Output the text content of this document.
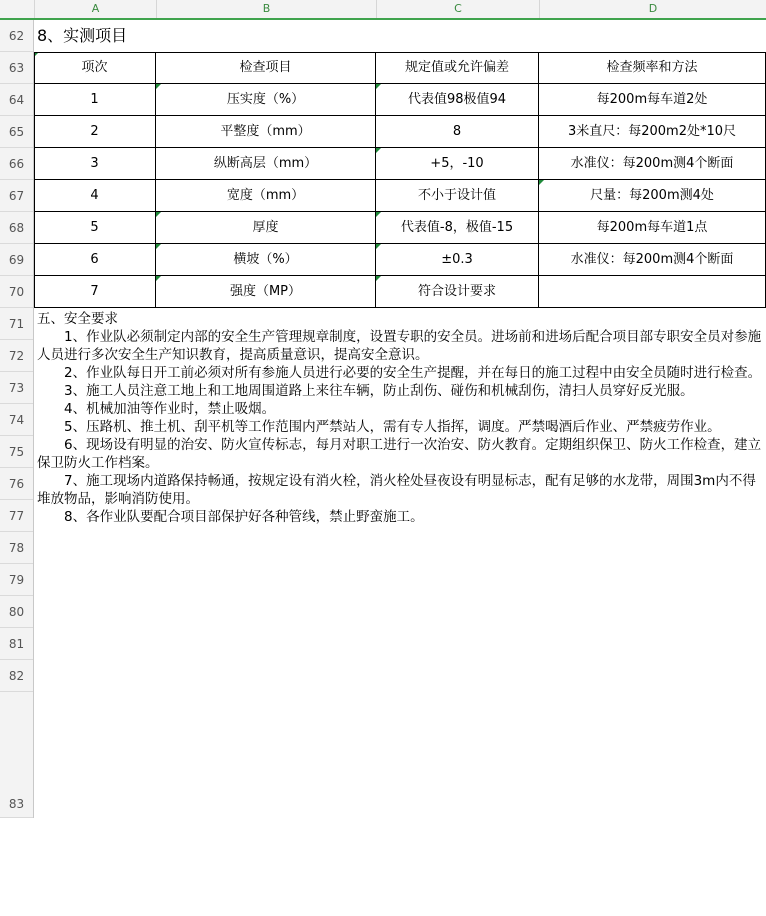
A	B	C	D
62
63
64
65
66
67
68
69
70
71
72
73
74
75
76
77
78
79
80
81
82
83
8、实测项目
项次	检查项目	规定值或允许偏差	检查频率和方法
1	压实度（%）	代表值98极值94	每200m每车道2处
2	平整度（mm）	8	3米直尺：每200m2处*10尺
3	纵断高层（mm）	+5，-10	水准仪：每200m测4个断面
4	宽度（mm）	不小于设计值	尺量：每200m测4处
5	厚度	代表值-8，极值-15	每200m每车道1点
6	横坡（%）	±0.3	水准仪：每200m测4个断面
7	强度（MP）	符合设计要求

五、安全要求

1、作业队必须制定内部的安全生产管理规章制度，设置专职的安全员。进场前和进场后配合项目部专职安全员对参施人员进行多次安全生产知识教育，提高质量意识，提高安全意识。

2、作业队每日开工前必须对所有参施人员进行必要的安全生产提醒，并在每日的施工过程中由安全员随时进行检查。

3、施工人员注意工地上和工地周围道路上来往车辆，防止刮伤、碰伤和机械刮伤，清扫人员穿好反光服。

4、机械加油等作业时，禁止吸烟。

5、压路机、推土机、刮平机等工作范围内严禁站人，需有专人指挥，调度。严禁喝酒后作业、严禁疲劳作业。

6、现场设有明显的治安、防火宣传标志，每月对职工进行一次治安、防火教育。定期组织保卫、防火工作检查，建立保卫防火工作档案。

7、施工现场内道路保持畅通，按规定设有消火栓，消火栓处昼夜设有明显标志，配有足够的水龙带，周围3m内不得堆放物品，影响消防使用。

8、各作业队要配合项目部保护好各种管线，禁止野蛮施工。
